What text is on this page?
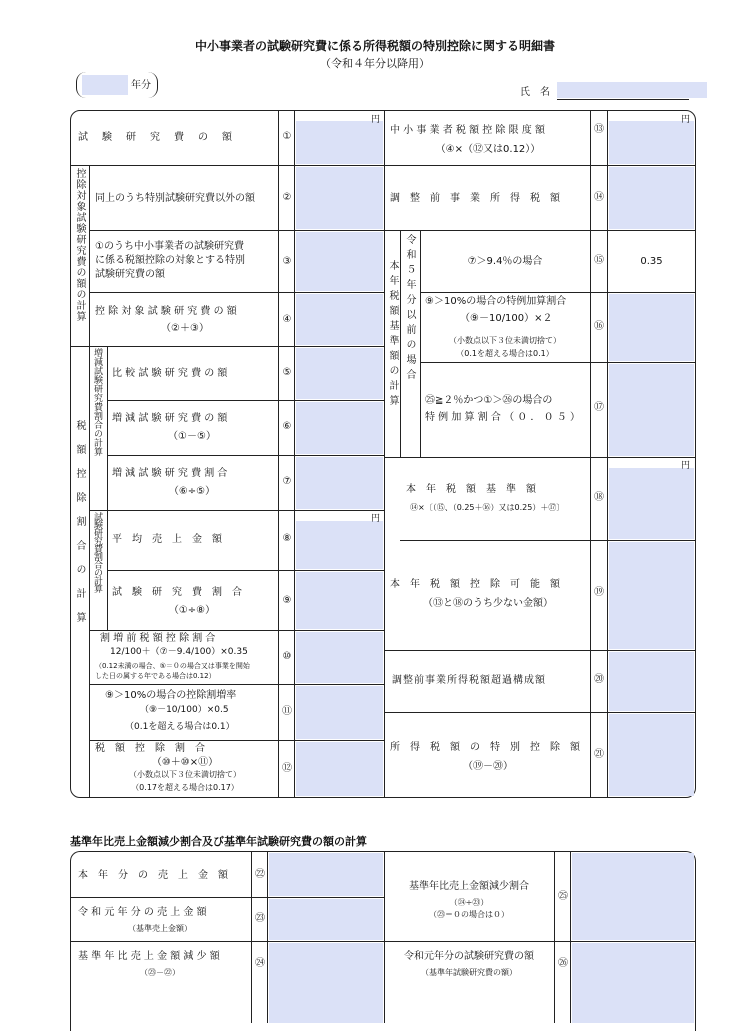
中小事業者の試験研究費に係る所得税額の特別控除に関する明細書
（令和４年分以降用）
年分
氏　名
円	円
円
円
控除対象試験研究費の額の計算
税額控除割合の計算
増減試験研究費割合の計算
試験研究費割合の計算
本年税額基準額の計算 令和５年分以前の場合
試　験　研　究　費　の　額	①
同上のうち特別試験研究費以外の額	②
①のうち中小事業者の試験研究費
に係る税額控除の対象とする特別
試験研究費の額
③
控 除 対 象 試 験 研 究 費 の 額
（②＋③）
④
比 較 試 験 研 究 費 の 額	⑤
増 減 試 験 研 究 費 の 額
（①－⑤）
⑥
増 減 試 験 研 究 費 割 合
（⑥÷⑤）
⑦
平　均　売　上　金　額	⑧
試　験　研　究　費　割　合
（①÷⑧）
⑨
割 増 前 税 額 控 除 割 合
12/100＋（⑦－9.4/100）×0.35
（0.12未満の場合、⑤＝０の場合又は事業を開始
した日の属する年である場合は0.12）
⑩
⑨＞10%の場合の控除割増率
（⑨－10/100）×0.5
（0.1を超える場合は0.1）
⑪
税　額　控　除　割　合
（⑩＋⑩×⑪）
（小数点以下３位未満切捨て）
（0.17を超える場合は0.17）
⑫
中 小 事 業 者 税 額 控 除 限 度 額
（④×（⑫又は0.12））
⑬
調　整　前　事　業　所　得　税　額	⑭
⑦＞9.4％の場合	⑮	0.35
⑨＞10%の場合の特例加算割合
（⑨－10/100）×２
（小数点以下３位未満切捨て）
（0.1を超える場合は0.1）
⑯
㉕≧２％かつ①＞㉖の場合の
特 例 加 算 割 合 （ ０ ． ０ ５ ）
⑰
本　年　税　額　基　準　額
⑭×〔（⑮、（0.25＋⑯）又は0.25）＋⑰〕
⑱
本　年　税　額　控　除　可　能　額
（⑬と⑱のうち少ない金額）
⑲
調整前事業所得税額超過構成額	⑳
所　得　税　額　の　特　別　控　除　額
（⑲－⑳）
㉑
基準年比売上金額減少割合及び基準年試験研究費の額の計算
本　年　分　の　売　上　金　額	㉒
令 和 元 年 分 の 売 上 金 額
（基準売上金額）
㉓
基 準 年 比 売 上 金 額 減 少 額
（㉓－㉒）
㉔
基準年比売上金額減少割合
（㉔÷㉓）
（㉓＝０の場合は０）
㉕
令和元年分の試験研究費の額
（基準年試験研究費の額）
㉖
